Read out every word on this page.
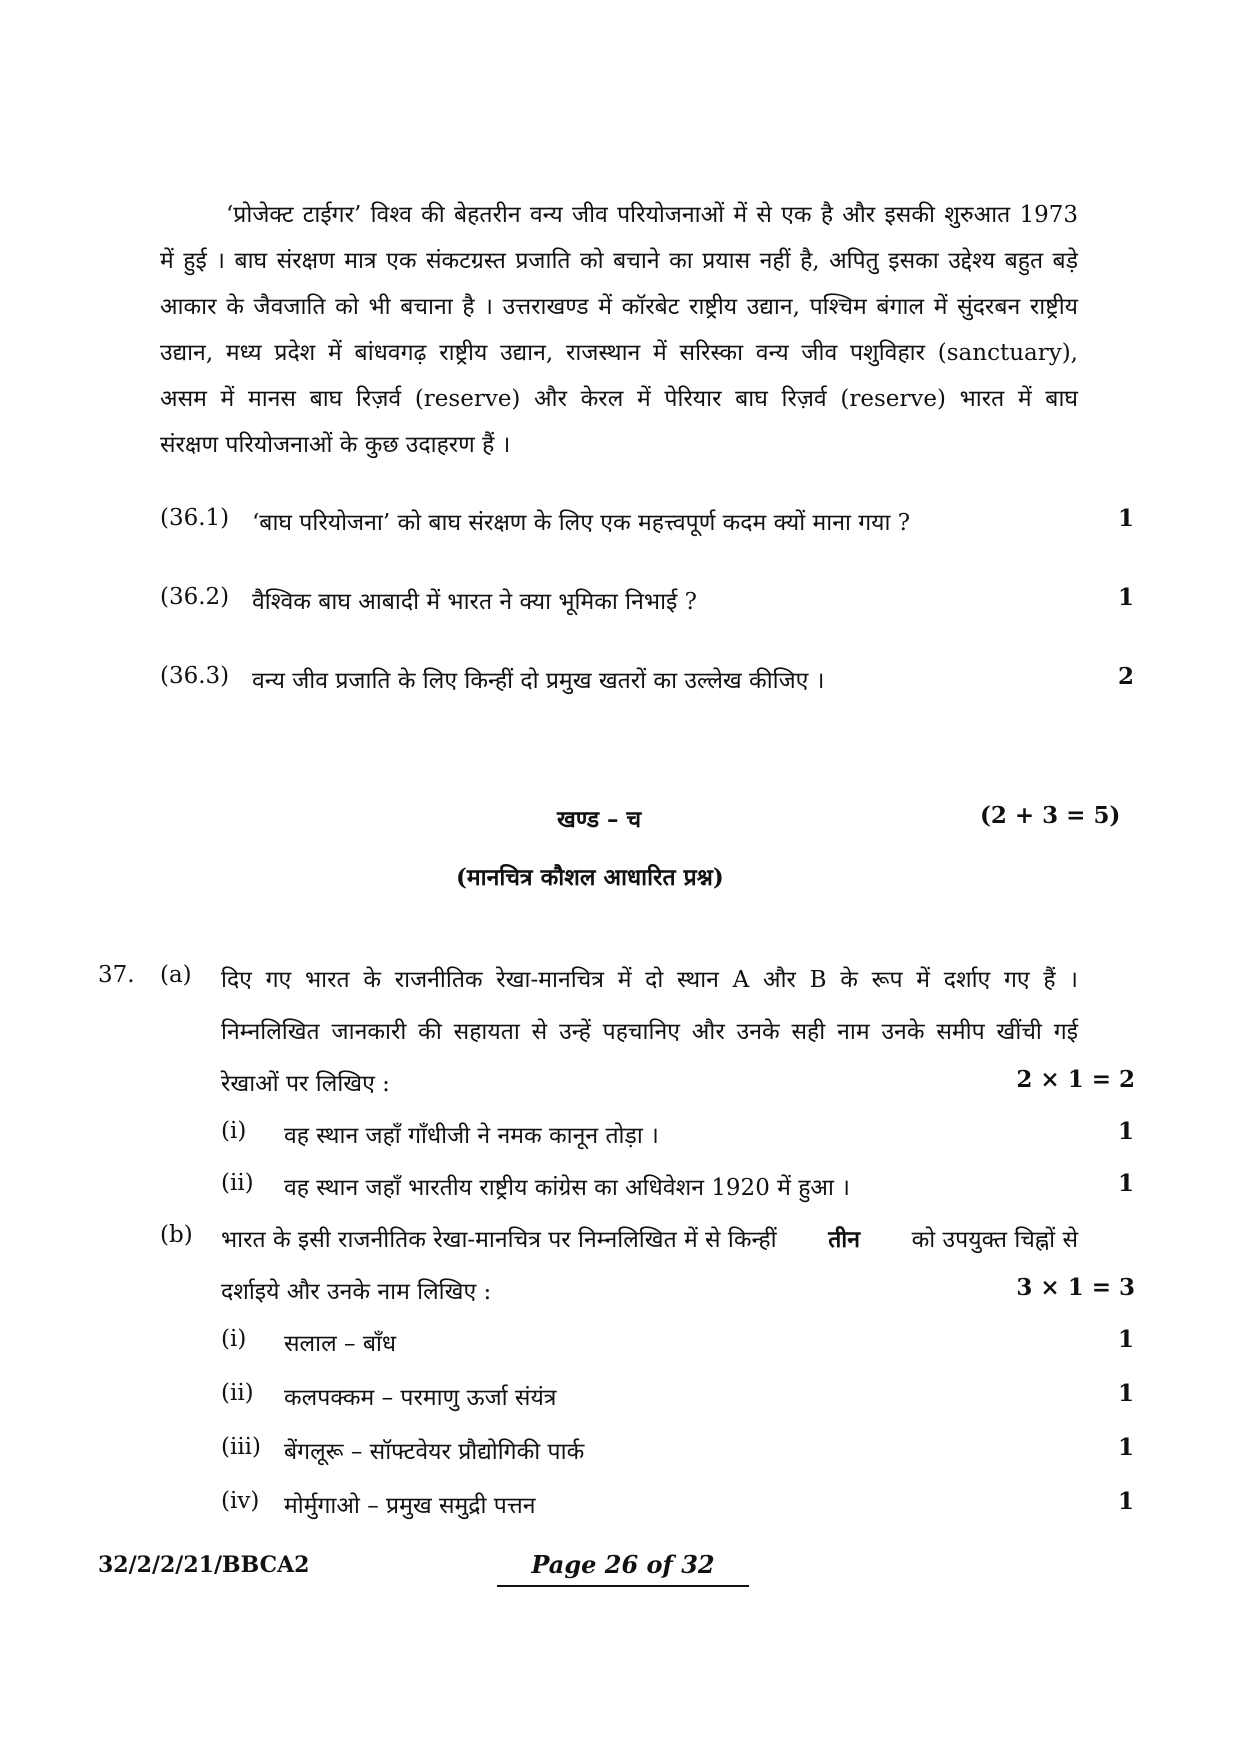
‘प्रोजेक्ट टाईगर’ विश्व की बेहतरीन वन्य जीव परियोजनाओं में से एक है और इसकी शुरुआत 1973
में हुई । बाघ संरक्षण मात्र एक संकटग्रस्त प्रजाति को बचाने का प्रयास नहीं है, अपितु इसका उद्देश्य बहुत बड़े
आकार के जैवजाति को भी बचाना है । उत्तराखण्ड में कॉरबेट राष्ट्रीय उद्यान, पश्चिम बंगाल में सुंदरबन राष्ट्रीय
उद्यान, मध्य प्रदेश में बांधवगढ़ राष्ट्रीय उद्यान, राजस्थान में सरिस्का वन्य जीव पशुविहार (sanctuary),
असम में मानस बाघ रिज़र्व (reserve) और केरल में पेरियार बाघ रिज़र्व (reserve) भारत में बाघ
संरक्षण परियोजनाओं के कुछ उदाहरण हैं ।
(36.1) ‘बाघ परियोजना’ को बाघ संरक्षण के लिए एक महत्त्वपूर्ण कदम क्यों माना गया ?	1
(36.2) वैश्विक बाघ आबादी में भारत ने क्या भूमिका निभाई ?	1
(36.3) वन्य जीव प्रजाति के लिए किन्हीं दो प्रमुख खतरों का उल्लेख कीजिए ।	2
खण्ड – च	(2 + 3 = 5)
(मानचित्र कौशल आधारित प्रश्न)
37. (a) दिए गए भारत के राजनीतिक रेखा-मानचित्र में दो स्थान A और B के रूप में दर्शाए गए हैं ।
निम्नलिखित जानकारी की सहायता से उन्हें पहचानिए और उनके सही नाम उनके समीप खींची गई
रेखाओं पर लिखिए :	2 × 1 = 2
(i) वह स्थान जहाँ गाँधीजी ने नमक कानून तोड़ा ।	1
(ii) वह स्थान जहाँ भारतीय राष्ट्रीय कांग्रेस का अधिवेशन 1920 में हुआ ।	1
(b) भारत के इसी राजनीतिक रेखा-मानचित्र पर निम्नलिखित में से किन्हीं तीन को उपयुक्त चिह्नों से
दर्शाइये और उनके नाम लिखिए :	3 × 1 = 3
(i) सलाल – बाँध	1
(ii) कलपक्कम – परमाणु ऊर्जा संयंत्र	1
(iii) बेंगलूरू – सॉफ्टवेयर प्रौद्योगिकी पार्क	1
(iv) मोर्मुगाओ – प्रमुख समुद्री पत्तन	1
32/2/2/21/BBCA2	Page 26 of 32
